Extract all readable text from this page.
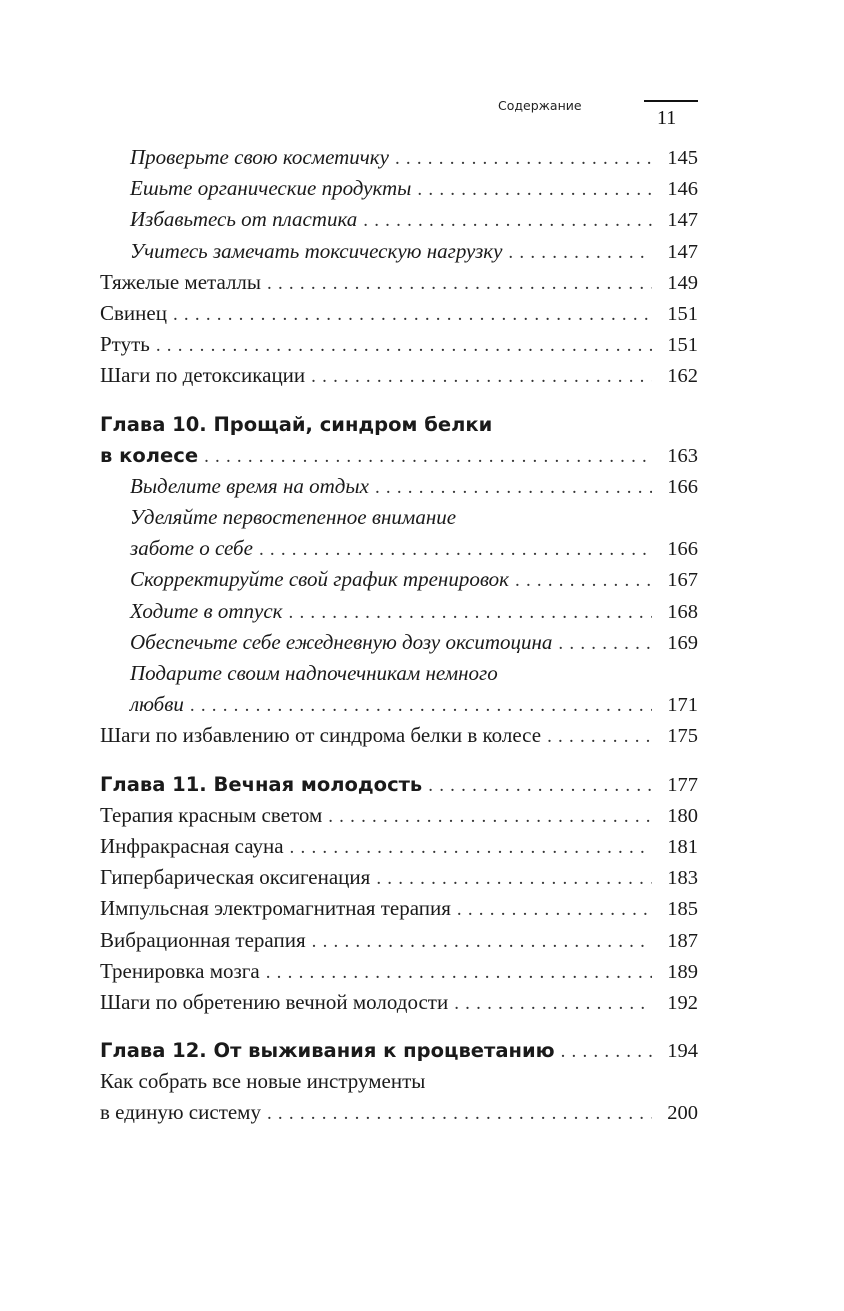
Содержание
11
Проверьте свою косметичку .....	145
Ешьте органические продукты .....	146
Избавьтесь от пластика .....	147
Учитесь замечать токсическую нагрузку .....	147
Тяжелые металлы .....	149
Свинец .....	151
Ртуть .....	151
Шаги по детоксикации .....	162
Глава 10. Прощай, синдром белки
в колесе .....	163
Выделите время на отдых .....	166
Уделяйте первостепенное внимание
заботе о себе .....	166
Скорректируйте свой график тренировок .....	167
Ходите в отпуск .....	168
Обеспечьте себе ежедневную дозу окситоцина .....	169
Подарите своим надпочечникам немного
любви .....	171
Шаги по избавлению от синдрома белки в колесе .....	175
Глава 11. Вечная молодость .....	177
Терапия красным светом .....	180
Инфракрасная сауна .....	181
Гипербарическая оксигенация .....	183
Импульсная электромагнитная терапия .....	185
Вибрационная терапия .....	187
Тренировка мозга .....	189
Шаги по обретению вечной молодости .....	192
Глава 12. От выживания к процветанию .....	194
Как собрать все новые инструменты
в единую систему .....	200
